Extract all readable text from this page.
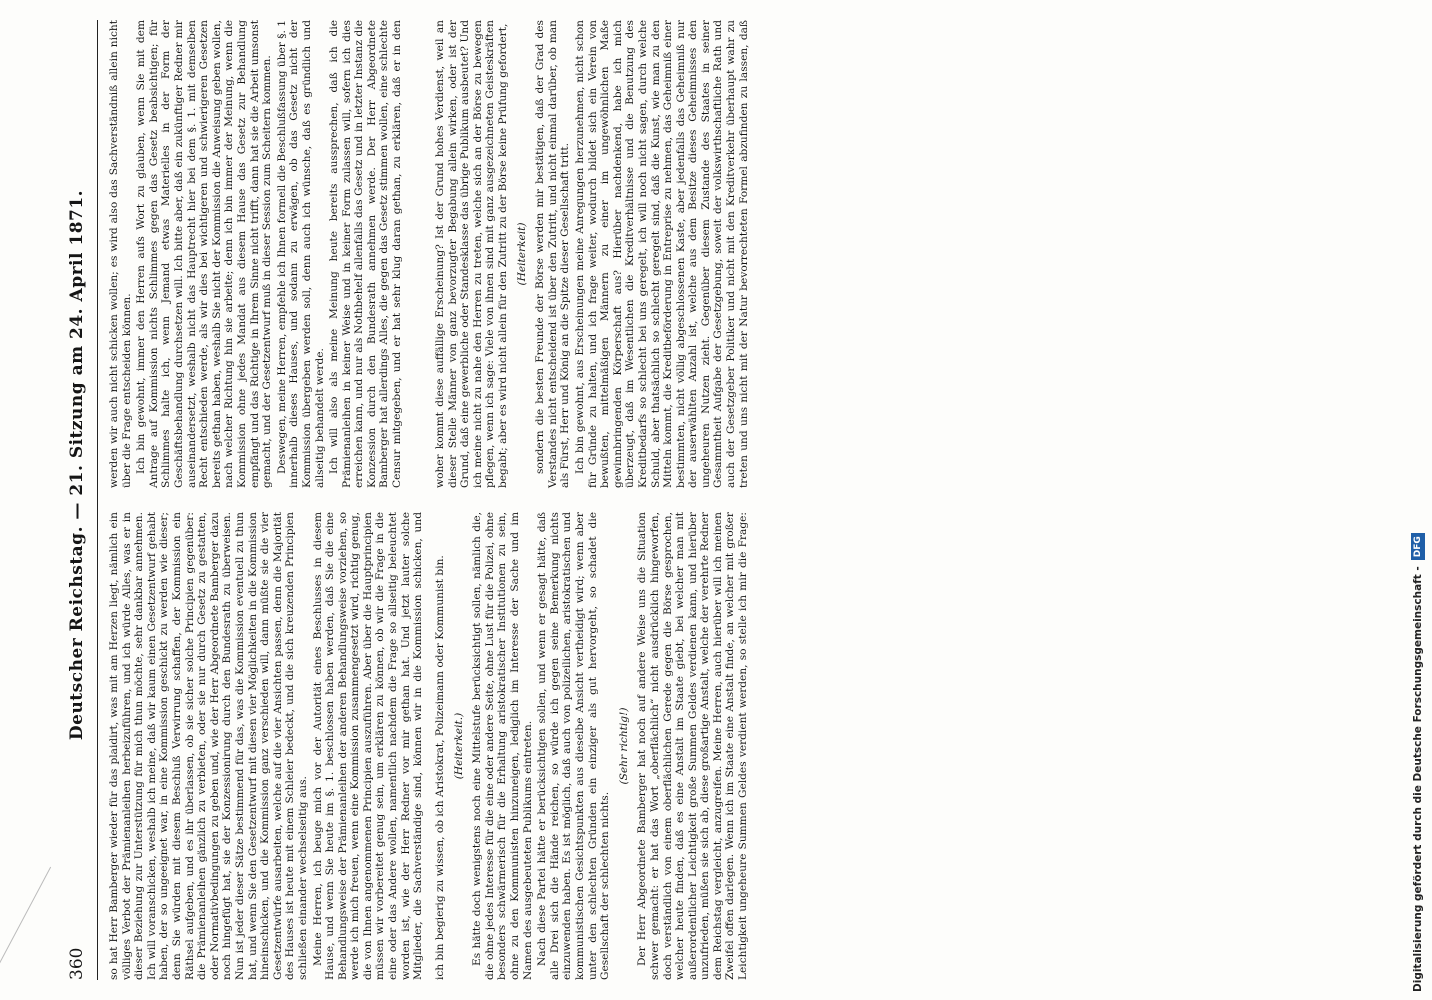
360
Deutscher Reichstag. — 21. Sitzung am 24. April 1871.

so hat Herr Bamberger wieder für das plaidirt, was mit am Herzen liegt, nämlich ein völliges Verbot der Prämienanleihen herbeizuführen, und ich würde Alles, was er in dieser Beziehung zur Unterstützung für mich thun möchte, sehr dankbar annehmen. Ich will voranschicken, weshalb ich meine, daß wir kaum einen Gesetzentwurf gehabt haben, der so ungeeignet war, in eine Kommission geschickt zu werden wie dieser; denn Sie würden mit diesem Beschluß Verwirrung schaffen, der Kommission ein Räthsel aufgeben, und es ihr überlassen, ob sie sicher solche Principien gegenüber: die Prämienanleihen gänzlich zu verbieten, oder sie nur durch Gesetz zu gestatten, oder Normativbedingungen zu geben und, wie der Herr Abgeordnete Bamberger dazu noch hingefügt hat, sie der Konzessionirung durch den Bundesrath zu überweisen. Nun ist jeder dieser Sätze bestimmend für das, was die Kommission eventuell zu thun hat, und wenn Sie den Gesetzentwurf mit diesen vier Möglichkeiten in die Kommission hineinschicken, und die Kommission ganz verschieden will, dann müßte sie die vier Gesetzentwürfe ausarbeiten, welche auf die vier Ansichten passen, denn die Majorität des Hauses ist heute mit einem Schleier bedeckt, und die sich kreuzenden Principien schließen einander wechselseitig aus. Meine Herren, ich beuge mich vor der Autorität eines Beschlusses in diesem Hause, und wenn Sie heute im §. 1. beschlossen haben werden, daß Sie die eine Behandlungsweise der Prämienanleihen der anderen Behandlungsweise vorziehen, so werde ich mich freuen, wenn eine Kommission zusammengesetzt wird, richtig genug, die von Ihnen angenommenen Principien auszuführen. Aber über die Hauptprincipien müssen wir vorbereitet genug sein, um erklären zu können, ob wir die Frage in die eine oder das Andere wollen, namentlich nachdem die Frage so allseitig beleuchtet worden ist, wie der Herr Redner vor mir gethan hat. Und jetzt lauter solche Mitglieder, die Sachverständige sind, können wir in die Kommission schicken, und werden wir auch nicht schicken wollen; es wird also das Sachverständniß allein nicht über die Frage entscheiden können. Ich bin gewohnt, immer den Herren aufs Wort zu glauben, wenn Sie mit dem Antrage auf Kommission nichts Schlimmes gegen das Gesetz beabsichtigen; für Schlimmes halte ich, wenn Jemand etwas Materielles in der Form der Geschäftsbehandlung durchsetzen will. Ich bitte aber, daß ein zukünftiger Redner mir auseinandersetzt, weshalb nicht das Hauptrecht hier bei dem §. 1. mit demselben Recht entschieden werde, als wir dies bei wichtigeren und schwierigeren Gesetzen bereits gethan haben, weshalb Sie nicht der Kommission die Anweisung geben wollen, nach welcher Richtung hin sie arbeite; denn ich bin immer der Meinung, wenn die Kommission ohne jedes Mandat aus diesem Hause das Gesetz zur Behandlung empfängt und das Richtige in Ihrem Sinne nicht trifft, dann hat sie die Arbeit umsonst gemacht, und der Gesetzentwurf muß in dieser Session zum Scheitern kommen. Deswegen, meine Herren, empfehle ich Ihnen formell die Beschlußfassung über §. 1 innerhalb dieses Hauses, und sodann zu erwägen, ob das Gesetz nicht der Kommission übergeben werden soll, denn auch ich wünsche, daß es gründlich und allseitig behandelt werde. Ich will also als meine Meinung heute bereits aussprechen, daß ich die Prämienanleihen in keiner Weise und in keiner Form zulassen will, sofern ich dies erreichen kann, und nur als Nothbehelf allenfalls das Gesetz und in letzter Instanz die Konzession durch den Bundesrath annehmen werde. Der Herr Abgeordnete Bamberger hat allerdings Alles, die gegen das Gesetz stimmen wollen, eine schlechte Censur mitgegeben, und er hat sehr klug daran gethan, zu erklären, daß er in den

ich bin begierig zu wissen, ob ich Aristokrat, Polizeimann oder Kommunist bin. (Heiterkeit.) Es hätte doch wenigstens noch eine Mittelstufe berücksichtigt sollen, nämlich die, die ohne jedes Interesse für die eine oder andere Seite, ohne Lust für die Polizei, ohne besonders schwärmerisch für die Erhaltung aristokratischer Institutionen zu sein, ohne zu den Kommunisten hinzuneigen, lediglich im Interesse der Sache und im Namen des ausgebeuteten Publikums eintreten. Nach diese Partei hätte er berücksichtigen sollen, und wenn er gesagt hätte, daß alle Drei sich die Hände reichen, so würde ich gegen seine Bemerkung nichts einzuwenden haben. Es ist möglich, daß auch von polizeilichen, aristokratischen und kommunistischen Gesichtspunkten aus dieselbe Ansicht vertheidigt wird; wenn aber unter den schlechten Gründen ein einziger als gut hervorgeht, so schadet die Gesellschaft der schlechten nichts.

(Sehr richtig!) Der Herr Abgeordnete Bamberger hat noch auf andere Weise uns die Situation schwer gemacht: er hat das Wort „oberflächlich“ nicht ausdrücklich hingeworfen, doch verständlich von einem oberflächlichen Gerede gegen die Börse gesprochen, welcher heute finden, daß es eine Anstalt im Staate giebt, bei welcher man mit außerordentlicher Leichtigkeit große Summen Geldes verdienen kann, und hierüber unzufrieden, müßen sie sich ab, diese großartige Anstalt, welche der verehrte Redner dem Reichstag vergleicht, anzugreifen. Meine Herren, auch hierüber will ich meinen Zweifel offen darlegen. Wenn ich im Staate eine Anstalt finde, an welcher mit großer Leichtigkeit ungeheure Summen Geldes verdient werden, so stelle ich mir die Frage: woher kommt diese auffällige Erscheinung? Ist der Grund hohes Verdienst, weil an dieser Stelle Männer von ganz bevorzugter Begabung allein wirken, oder ist der Grund, daß eine gewerbliche oder Standesklasse das übrige Publikum ausbeutet? Und ich meine nicht zu nahe den Herren zu treten, welche sich an der Börse zu bewegen pflegen, wenn ich sage: Viele von ihnen sind mit ganz ausgezeichneten Geisteskräften begabt; aber es wird nicht allein für den Zutritt zu der Börse keine Prüfung gefordert, (Heiterkeit) sondern die besten Freunde der Börse werden mir bestätigen, daß der Grad des Verstandes nicht entscheidend ist über den Zutritt, und nicht einmal darüber, ob man als Fürst, Herr und König an die Spitze dieser Gesellschaft tritt. Ich bin gewohnt, aus Erscheinungen meine Anregungen herzunehmen, nicht schon für Gründe zu halten, und ich frage weiter, wodurch bildet sich ein Verein von bewußten, mittelmäßigen Männern zu einer im ungewöhnlichen Maße gewinnbringenden Körperschaft aus? Hierüber nachdenkend, habe ich mich überzeugt, daß im Wesentlichen die Kreditverhältnisse und die Benutzung des Kreditbedarfs so schlecht bei uns geregelt, ich will noch nicht sagen, durch welche Schuld, aber thatsächlich so schlecht geregelt sind, daß die Kunst, wie man zu den Mitteln kommt, die Kreditbeförderung in Entreprise zu nehmen, das Geheimniß einer bestimmten, nicht völlig abgeschlossenen Kaste, aber jedenfalls das Geheimniß nur der auserwählten Anzahl ist, welche aus dem Besitze dieses Geheimnisses den ungeheuren Nutzen zieht. Gegenüber diesem Zustande des Staates in seiner Gesammtheit Aufgabe der Gesetzgebung, soweit der volkswirthschaftliche Rath und auch der Gesetzgeber Politiker und nicht mit den Kreditverkehr überhaupt wahr zu treten und uns nicht mit der Natur bevorrechteten Formel abzufinden zu lassen, daß

Digitalisierung gefördert durch die Deutsche Forschungsgemeinschaft -
DFG
